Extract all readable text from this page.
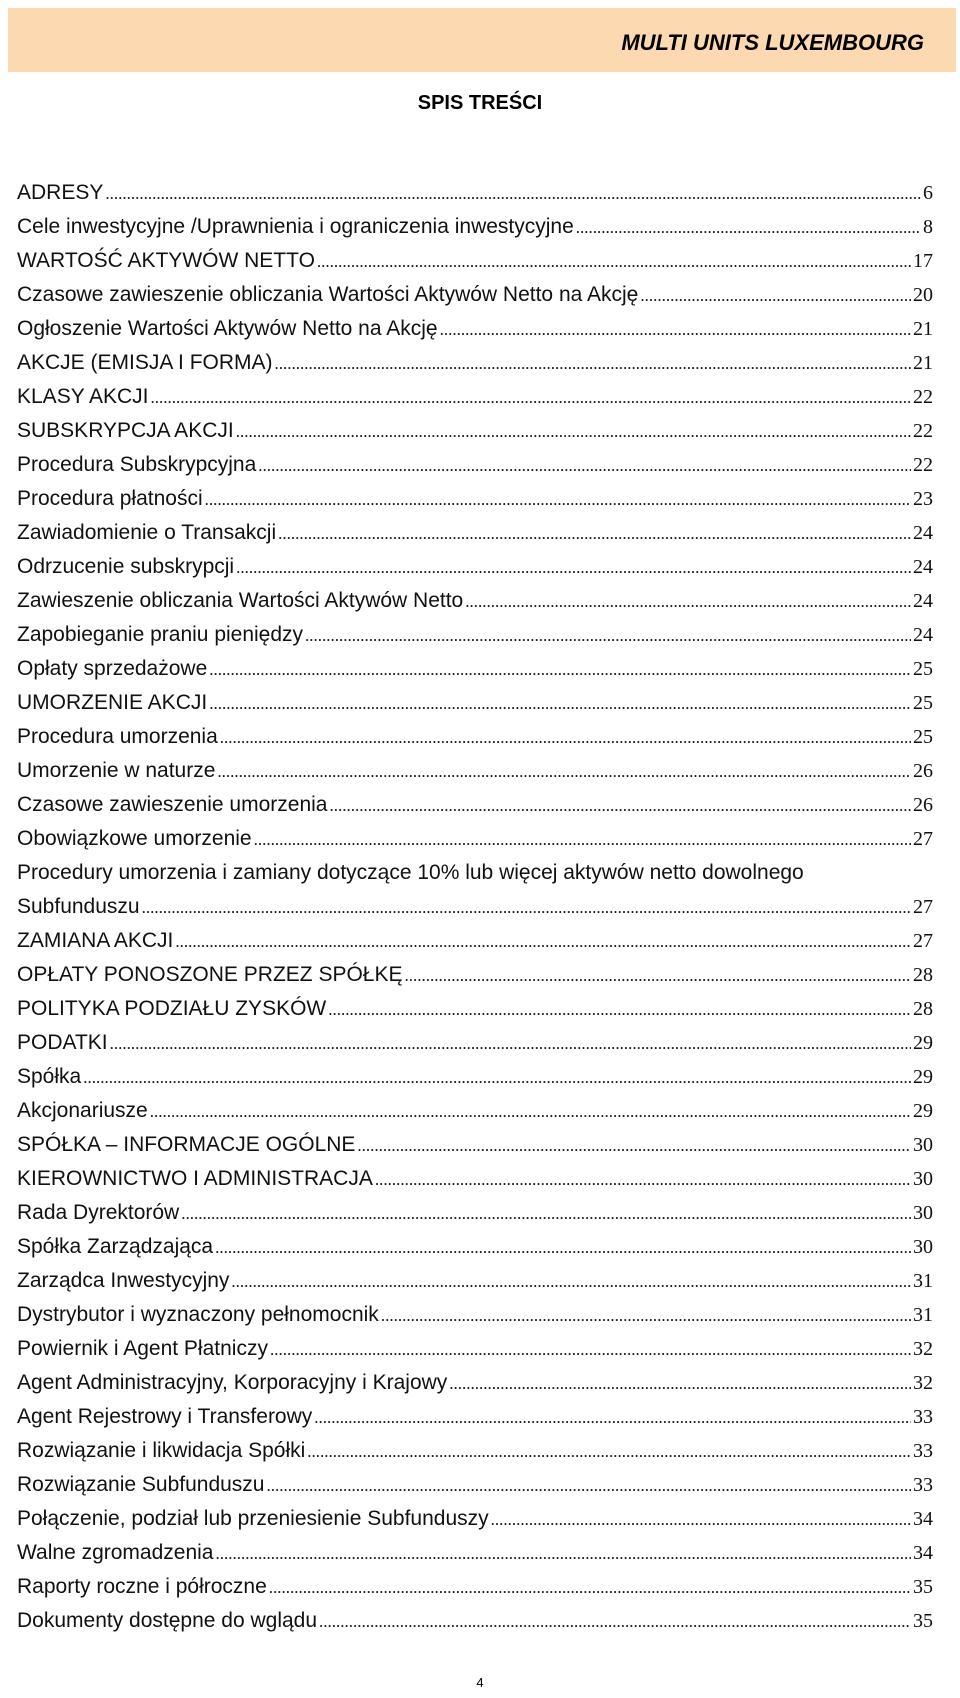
MULTI UNITS LUXEMBOURG
SPIS TREŚCI
ADRESY .....	6
Cele inwestycyjne /Uprawnienia i ograniczenia inwestycyjne .....	8
WARTOŚĆ AKTYWÓW NETTO .....	17
Czasowe zawieszenie obliczania Wartości Aktywów Netto na Akcję .....	20
Ogłoszenie Wartości Aktywów Netto na Akcję .....	21
AKCJE (EMISJA I FORMA) .....	21
KLASY AKCJI .....	22
SUBSKRYPCJA AKCJI .....	22
Procedura Subskrypcyjna .....	22
Procedura płatności .....	23
Zawiadomienie o Transakcji .....	24
Odrzucenie subskrypcji .....	24
Zawieszenie obliczania Wartości Aktywów Netto .....	24
Zapobieganie praniu pieniędzy .....	24
Opłaty sprzedażowe .....	25
UMORZENIE AKCJI .....	25
Procedura umorzenia .....	25
Umorzenie w naturze .....	26
Czasowe zawieszenie umorzenia .....	26
Obowiązkowe umorzenie .....	27
Procedury umorzenia i zamiany dotyczące 10% lub więcej aktywów netto dowolnego
Subfunduszu .....	27
ZAMIANA AKCJI .....	27
OPŁATY PONOSZONE PRZEZ SPÓŁKĘ .....	28
POLITYKA PODZIAŁU ZYSKÓW .....	28
PODATKI .....	29
Spółka .....	29
Akcjonariusze .....	29
SPÓŁKA – INFORMACJE OGÓLNE .....	30
KIEROWNICTWO I ADMINISTRACJA .....	30
Rada Dyrektorów .....	30
Spółka Zarządzająca .....	30
Zarządca Inwestycyjny .....	31
Dystrybutor i wyznaczony pełnomocnik .....	31
Powiernik i Agent Płatniczy .....	32
Agent Administracyjny, Korporacyjny i Krajowy .....	32
Agent Rejestrowy i Transferowy .....	33
Rozwiązanie i likwidacja Spółki .....	33
Rozwiązanie Subfunduszu .....	33
Połączenie, podział lub przeniesienie Subfunduszy .....	34
Walne zgromadzenia .....	34
Raporty roczne i półroczne .....	35
Dokumenty dostępne do wglądu .....	35
4
